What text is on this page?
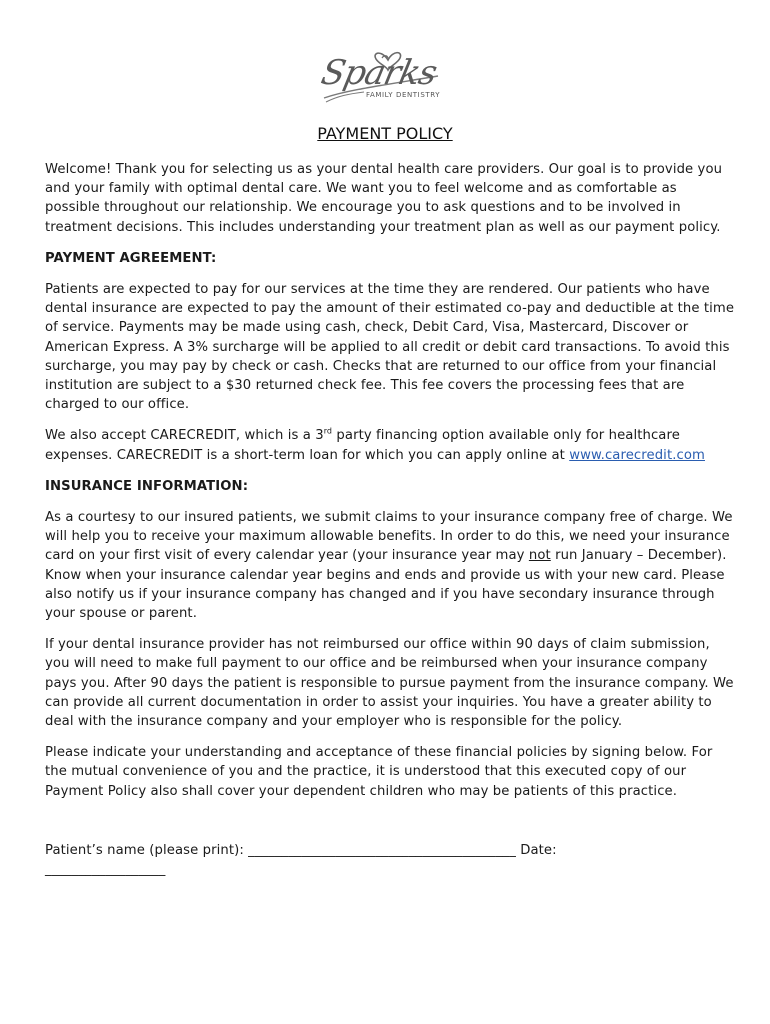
Sparks
FAMILY DENTISTRY
PAYMENT POLICY

Welcome! Thank you for selecting us as your dental health care providers. Our goal is to provide you and your family with optimal dental care. We want you to feel welcome and as comfortable as possible throughout our relationship. We encourage you to ask questions and to be involved in treatment decisions. This includes understanding your treatment plan as well as our payment policy.

PAYMENT AGREEMENT:

Patients are expected to pay for our services at the time they are rendered. Our patients who have dental insurance are expected to pay the amount of their estimated co-pay and deductible at the time of service. Payments may be made using cash, check, Debit Card, Visa, Mastercard, Discover or American Express. A 3% surcharge will be applied to all credit or debit card transactions. To avoid this surcharge, you may pay by check or cash. Checks that are returned to our office from your financial institution are subject to a $30 returned check fee. This fee covers the processing fees that are charged to our office.

We also accept CARECREDIT, which is a 3rd party financing option available only for healthcare expenses. CARECREDIT is a short-term loan for which you can apply online at www.carecredit.com

INSURANCE INFORMATION:

As a courtesy to our insured patients, we submit claims to your insurance company free of charge. We will help you to receive your maximum allowable benefits. In order to do this, we need your insurance card on your first visit of every calendar year (your insurance year may not run January – December). Know when your insurance calendar year begins and ends and provide us with your new card. Please also notify us if your insurance company has changed and if you have secondary insurance through your spouse or parent.

If your dental insurance provider has not reimbursed our office within 90 days of claim submission, you will need to make full payment to our office and be reimbursed when your insurance company pays you. After 90 days the patient is responsible to pursue payment from the insurance company. We can provide all current documentation in order to assist your inquiries. You have a greater ability to deal with the insurance company and your employer who is responsible for the policy.

Please indicate your understanding and acceptance of these financial policies by signing below. For the mutual convenience of you and the practice, it is understood that this executed copy of our Payment Policy also shall cover your dependent children who may be patients of this practice.

Patient’s name (please print): ________________________________________ Date:
__________________
